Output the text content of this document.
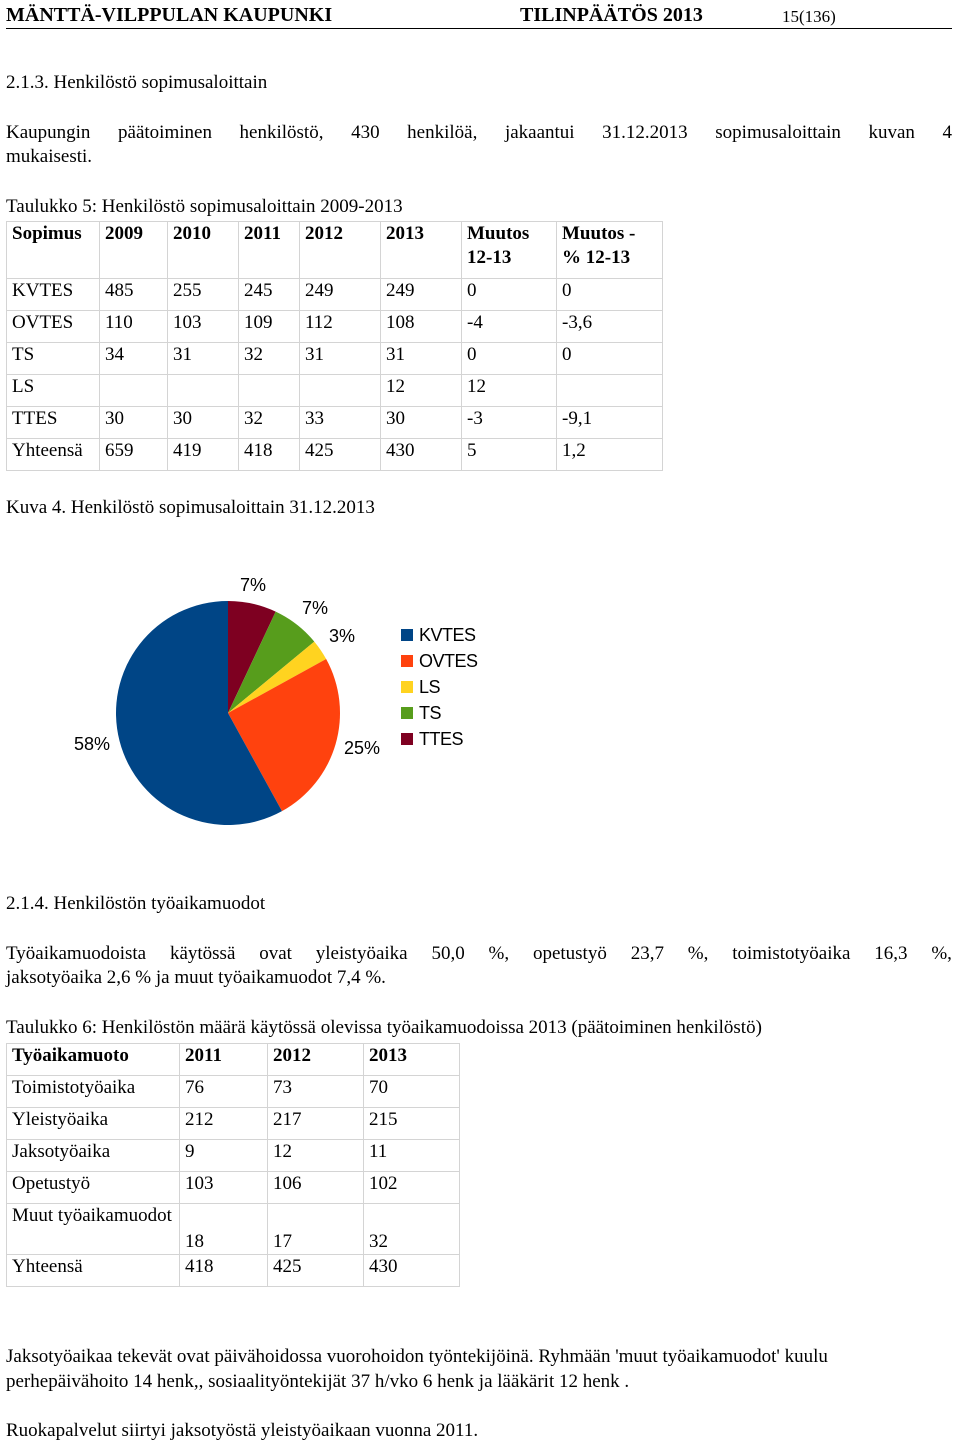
MÄNTTÄ-VILPPULAN KAUPUNKI	TILINPÄÄTÖS 2013	15(136)
2.1.3. Henkilöstö sopimusaloittain
Kaupungin päätoiminen henkilöstö, 430 henkilöä, jakaantui 31.12.2013 sopimusaloittain kuvan 4
mukaisesti.
Taulukko 5: Henkilöstö sopimusaloittain 2009-2013
Sopimus	2009	2010	2011	2012	2013	Muutos 12-13	Muutos - % 12-13
KVTES	485	255	245	249	249	0	0
OVTES	110	103	109	112	108	-4	-3,6
TS	34	31	32	31	31	0	0
LS					12	12	
TTES	30	30	32	33	30	-3	-9,1
Yhteensä	659	419	418	425	430	5	1,2
Kuva 4. Henkilöstö sopimusaloittain 31.12.2013
58%	25%
3%
7%
7%
KVTES
OVTES
LS
TS
TTES
2.1.4. Henkilöstön työaikamuodot
Työaikamuodoista käytössä ovat yleistyöaika 50,0 %, opetustyö 23,7 %, toimistotyöaika 16,3 %,
jaksotyöaika 2,6 % ja muut työaikamuodot 7,4 %.
Taulukko 6: Henkilöstön määrä käytössä olevissa työaikamuodoissa 2013 (päätoiminen henkilöstö)
Työaikamuoto	2011	2012	2013
Toimistotyöaika	76	73	70
Yleistyöaika	212	217	215
Jaksotyöaika	9	12	11
Opetustyö	103	106	102
Muut työaikamuodot	18	17	32
Yhteensä	418	425	430
Jaksotyöaikaa tekevät ovat päivähoidossa vuorohoidon työntekijöinä. Ryhmään 'muut työaikamuodot' kuulu
perhepäivähoito 14 henk,, sosiaalityöntekijät 37 h/vko 6 henk ja lääkärit 12 henk .
Ruokapalvelut siirtyi jaksotyöstä yleistyöaikaan vuonna 2011.
